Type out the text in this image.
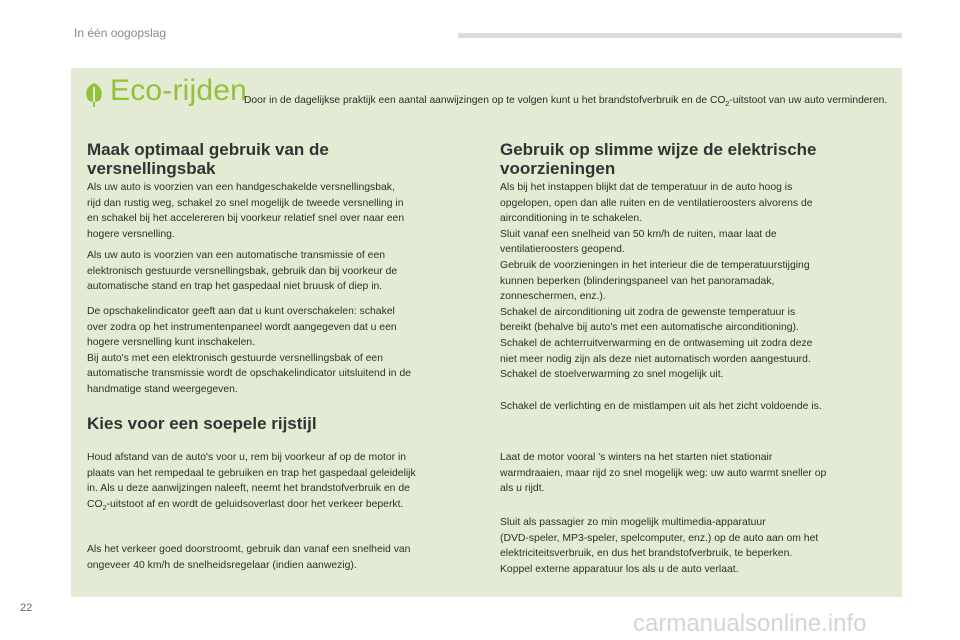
In één oogopslag
Eco-rijden
Door in de dagelijkse praktijk een aantal aanwijzingen op te volgen kunt u het brandstofverbruik en de $CO_2$-uitstoot van uw auto verminderen.
Maak optimaal gebruik van de
versnellingsbak

Als uw auto is voorzien van een handgeschakelde versnellingsbak,
rijd dan rustig weg, schakel zo snel mogelijk de tweede versnelling in
en schakel bij het accelereren bij voorkeur relatief snel over naar een
hogere versnelling.

Als uw auto is voorzien van een automatische transmissie of een
elektronisch gestuurde versnellingsbak, gebruik dan bij voorkeur de
automatische stand en trap het gaspedaal niet bruusk of diep in.

De opschakelindicator geeft aan dat u kunt overschakelen: schakel
over zodra op het instrumentenpaneel wordt aangegeven dat u een
hogere versnelling kunt inschakelen.
Bij auto's met een elektronisch gestuurde versnellingsbak of een
automatische transmissie wordt de opschakelindicator uitsluitend in de
handmatige stand weergegeven.

Kies voor een soepele rijstijl

Houd afstand van de auto's voor u, rem bij voorkeur af op de motor in
plaats van het rempedaal te gebruiken en trap het gaspedaal geleidelijk
in. Als u deze aanwijzingen naleeft, neemt het brandstofverbruik en de
$CO_2$-uitstoot af en wordt de geluidsoverlast door het verkeer beperkt.

Als het verkeer goed doorstroomt, gebruik dan vanaf een snelheid van
ongeveer 40 km/h de snelheidsregelaar (indien aanwezig).

Gebruik op slimme wijze de elektrische
voorzieningen

Als bij het instappen blijkt dat de temperatuur in de auto hoog is
opgelopen, open dan alle ruiten en de ventilatieroosters alvorens de
airconditioning in te schakelen.
Sluit vanaf een snelheid van 50 km/h de ruiten, maar laat de
ventilatieroosters geopend.
Gebruik de voorzieningen in het interieur die de temperatuurstijging
kunnen beperken (blinderingspaneel van het panoramadak,
zonneschermen, enz.).
Schakel de airconditioning uit zodra de gewenste temperatuur is
bereikt (behalve bij auto's met een automatische airconditioning).
Schakel de achterruitverwarming en de ontwaseming uit zodra deze
niet meer nodig zijn als deze niet automatisch worden aangestuurd.
Schakel de stoelverwarming zo snel mogelijk uit.

Schakel de verlichting en de mistlampen uit als het zicht voldoende is.

Laat de motor vooral 's winters na het starten niet stationair
warmdraaien, maar rijd zo snel mogelijk weg: uw auto warmt sneller op
als u rijdt.

Sluit als passagier zo min mogelijk multimedia-apparatuur
(DVD-speler, MP3-speler, spelcomputer, enz.) op de auto aan om het
elektriciteitsverbruik, en dus het brandstofverbruik, te beperken.
Koppel externe apparatuur los als u de auto verlaat.

22
carmanualsonline.info
